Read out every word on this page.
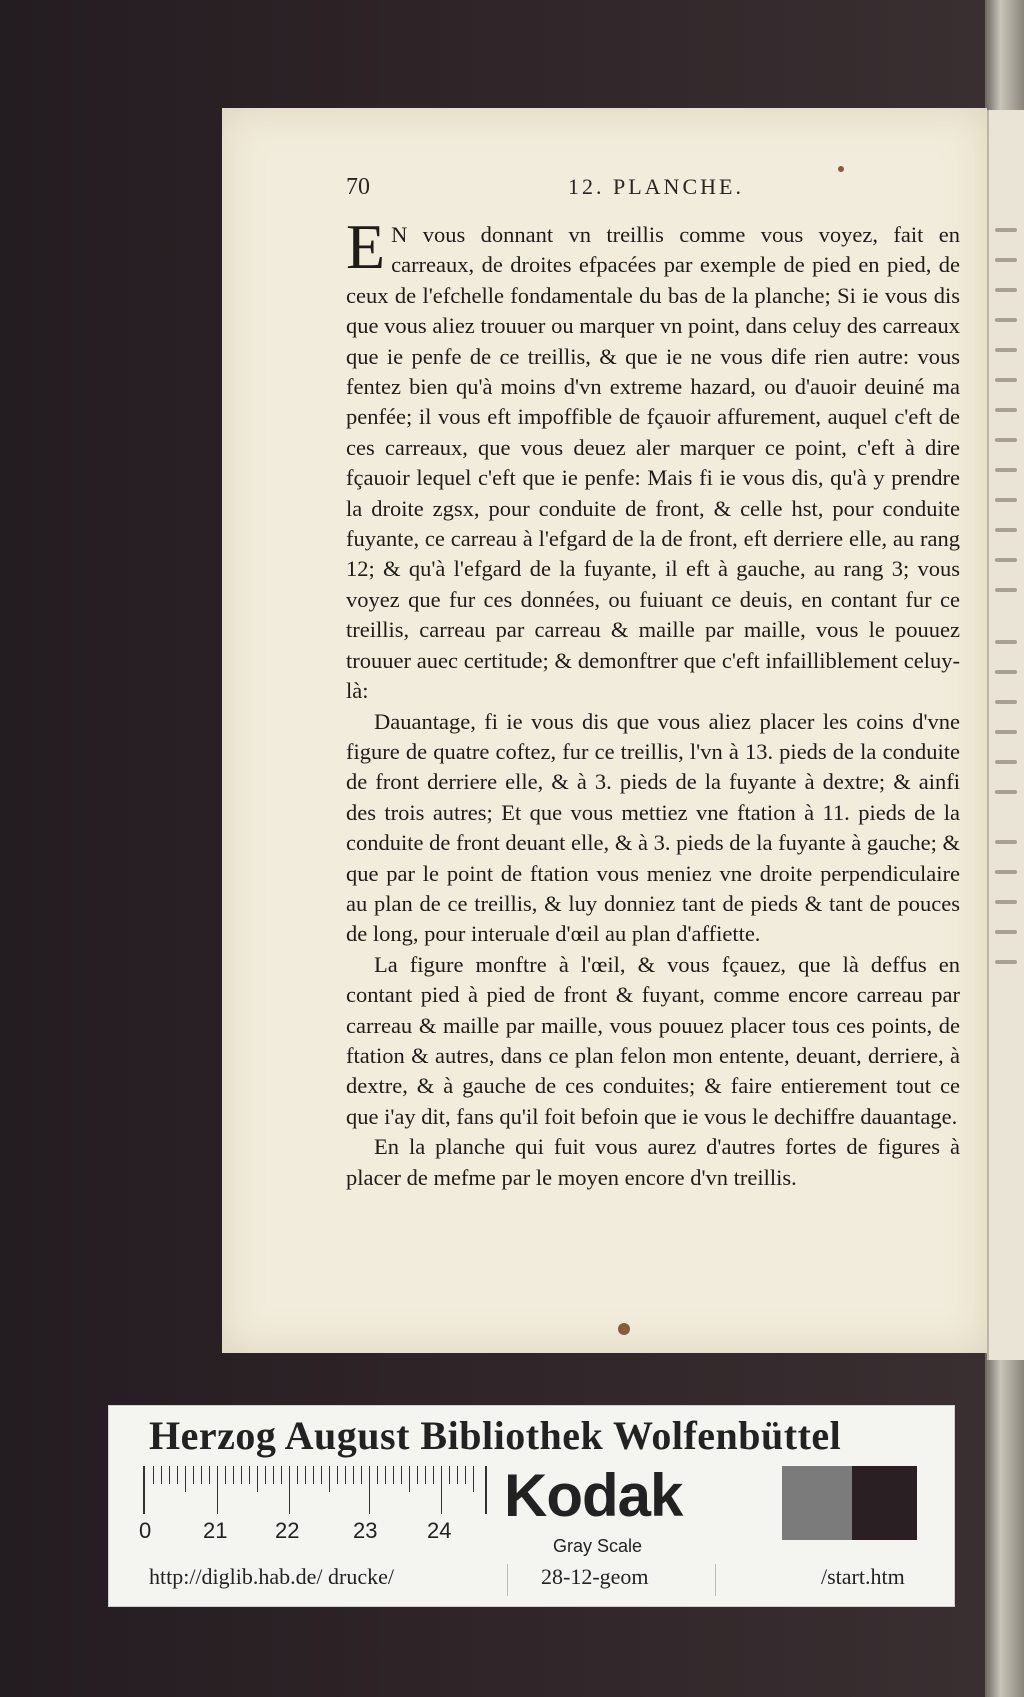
70	12. PLANCHE.

E N vous donnant vn treillis comme vous voyez, fait en carreaux, de droites efpacées par exemple de pied en pied, de ceux de l'efchelle fondamentale du bas de la planche; Si ie vous dis que vous aliez trouuer ou marquer vn point, dans celuy des carreaux que ie penfe de ce treillis, & que ie ne vous dife rien autre: vous fentez bien qu'à moins d'vn extreme hazard, ou d'auoir deuiné ma penfée; il vous eft impoffible de fçauoir affurement, auquel c'eft de ces carreaux, que vous deuez aler marquer ce point, c'eft à dire fçauoir lequel c'eft que ie penfe: Mais fi ie vous dis, qu'à y prendre la droite zgsx, pour conduite de front, & celle hst, pour conduite fuyante, ce carreau à l'efgard de la de front, eft derriere elle, au rang 12; & qu'à l'efgard de la fuyante, il eft à gauche, au rang 3; vous voyez que fur ces données, ou fuiuant ce deuis, en contant fur ce treillis, carreau par carreau & maille par maille, vous le pouuez trouuer auec certitude; & demonftrer que c'eft infailliblement celuy-là:

Dauantage, fi ie vous dis que vous aliez placer les coins d'vne figure de quatre coftez, fur ce treillis, l'vn à 13. pieds de la conduite de front derriere elle, & à 3. pieds de la fuyante à dextre; & ainfi des trois autres; Et que vous mettiez vne ftation à 11. pieds de la conduite de front deuant elle, & à 3. pieds de la fuyante à gauche; & que par le point de ftation vous meniez vne droite perpendiculaire au plan de ce treillis, & luy donniez tant de pieds & tant de pouces de long, pour interuale d'œil au plan d'affiette.

La figure monftre à l'œil, & vous fçauez, que là deffus en contant pied à pied de front & fuyant, comme encore carreau par carreau & maille par maille, vous pouuez placer tous ces points, de ftation & autres, dans ce plan felon mon entente, deuant, derriere, à dextre, & à gauche de ces conduites; & faire entierement tout ce que i'ay dit, fans qu'il foit befoin que ie vous le dechiffre dauantage.

En la planche qui fuit vous aurez d'autres fortes de figures à placer de mefme par le moyen encore d'vn treillis.

Herzog August Bibliothek Wolfenbüttel
0 21 22 23 24
Kodak
Gray Scale
http://diglib.hab.de/ drucke/	28-12-geom	/start.htm
